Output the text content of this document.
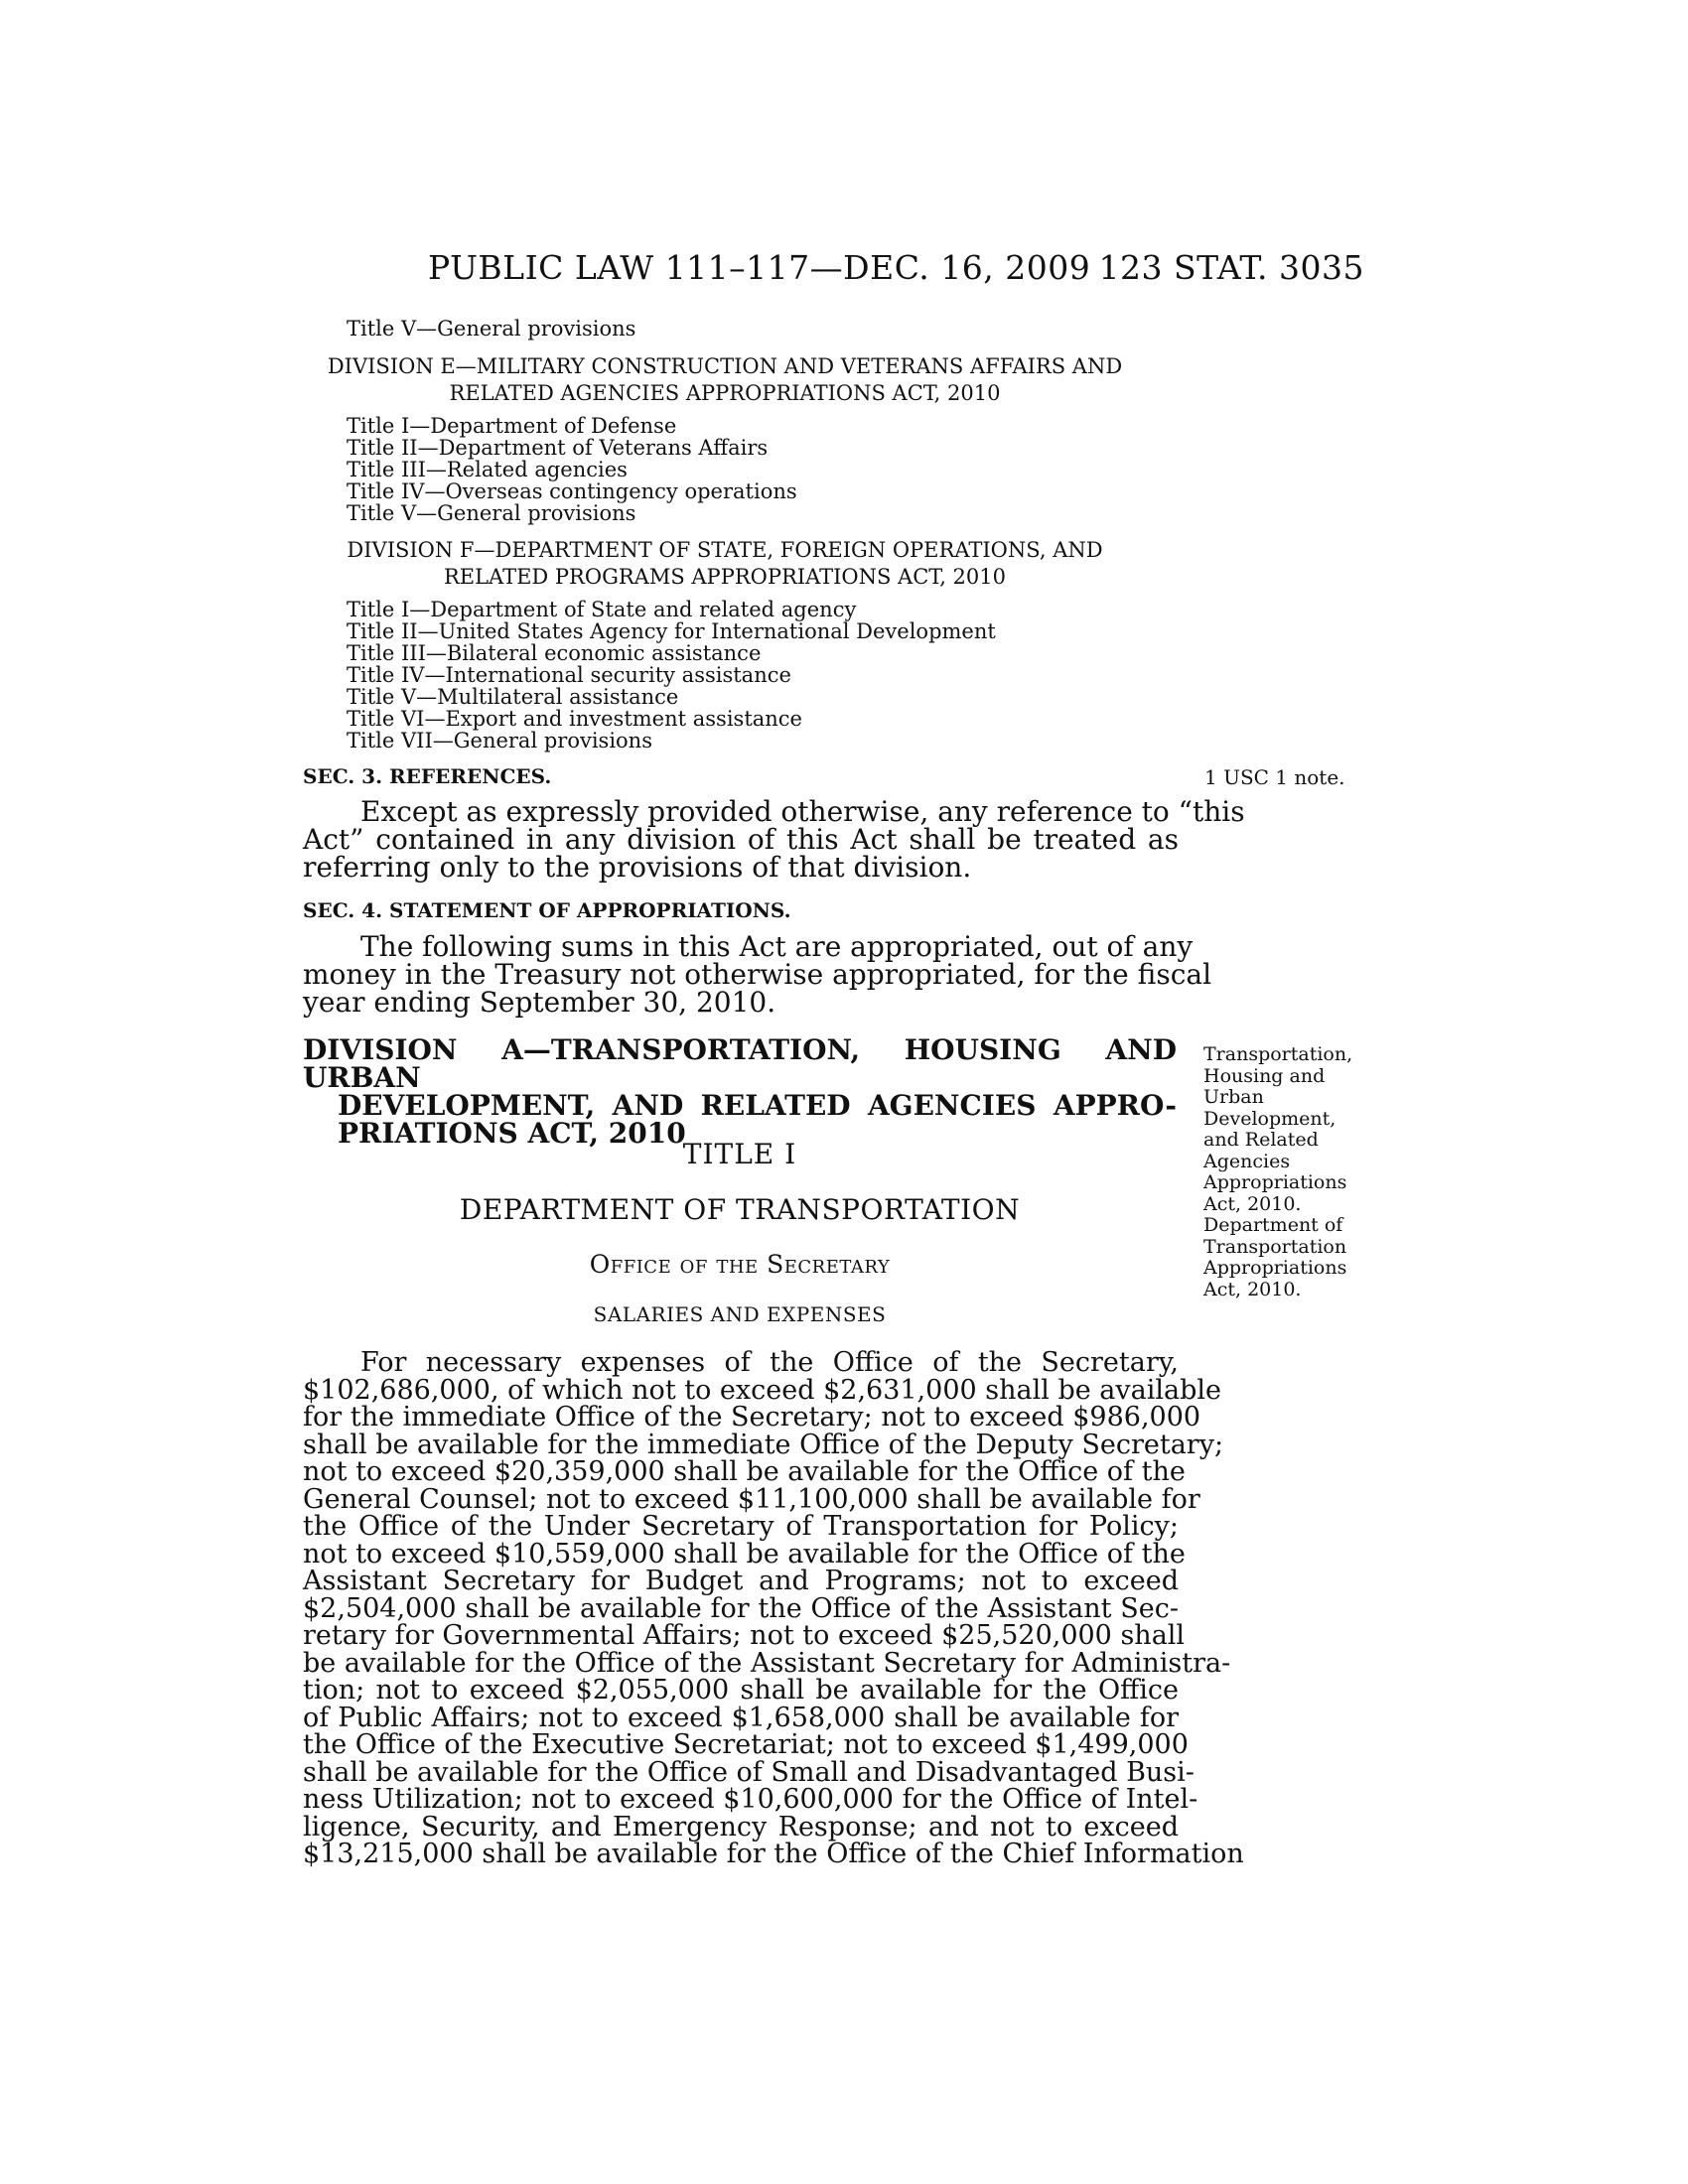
PUBLIC LAW 111–117—DEC. 16, 2009 123 STAT. 3035
Title V—General provisions
DIVISION E—MILITARY CONSTRUCTION AND VETERANS AFFAIRS AND
RELATED AGENCIES APPROPRIATIONS ACT, 2010
Title I—Department of Defense
Title II—Department of Veterans Affairs
Title III—Related agencies
Title IV—Overseas contingency operations
Title V—General provisions
DIVISION F—DEPARTMENT OF STATE, FOREIGN OPERATIONS, AND
RELATED PROGRAMS APPROPRIATIONS ACT, 2010
Title I—Department of State and related agency
Title II—United States Agency for International Development
Title III—Bilateral economic assistance
Title IV—International security assistance
Title V—Multilateral assistance
Title VI—Export and investment assistance
Title VII—General provisions
SEC. 3. REFERENCES.	1 USC 1 note.
Except as expressly provided otherwise, any reference to “this
Act” contained in any division of this Act shall be treated as
referring only to the provisions of that division.
SEC. 4. STATEMENT OF APPROPRIATIONS.
The following sums in this Act are appropriated, out of any
money in the Treasury not otherwise appropriated, for the fiscal
year ending September 30, 2010.
DIVISION A—TRANSPORTATION, HOUSING AND URBAN
DEVELOPMENT, AND RELATED AGENCIES APPRO-
PRIATIONS ACT, 2010
Transportation,
Housing and
Urban
Development,
and Related
Agencies
Appropriations
Act, 2010.
Department of
Transportation
Appropriations
Act, 2010.
TITLE I
DEPARTMENT OF TRANSPORTATION
Office of the Secretary
SALARIES AND EXPENSES
For necessary expenses of the Office of the Secretary,
$102,686,000, of which not to exceed $2,631,000 shall be available
for the immediate Office of the Secretary; not to exceed $986,000
shall be available for the immediate Office of the Deputy Secretary;
not to exceed $20,359,000 shall be available for the Office of the
General Counsel; not to exceed $11,100,000 shall be available for
the Office of the Under Secretary of Transportation for Policy;
not to exceed $10,559,000 shall be available for the Office of the
Assistant Secretary for Budget and Programs; not to exceed
$2,504,000 shall be available for the Office of the Assistant Sec-
retary for Governmental Affairs; not to exceed $25,520,000 shall
be available for the Office of the Assistant Secretary for Administra-
tion; not to exceed $2,055,000 shall be available for the Office
of Public Affairs; not to exceed $1,658,000 shall be available for
the Office of the Executive Secretariat; not to exceed $1,499,000
shall be available for the Office of Small and Disadvantaged Busi-
ness Utilization; not to exceed $10,600,000 for the Office of Intel-
ligence, Security, and Emergency Response; and not to exceed
$13,215,000 shall be available for the Office of the Chief Information
